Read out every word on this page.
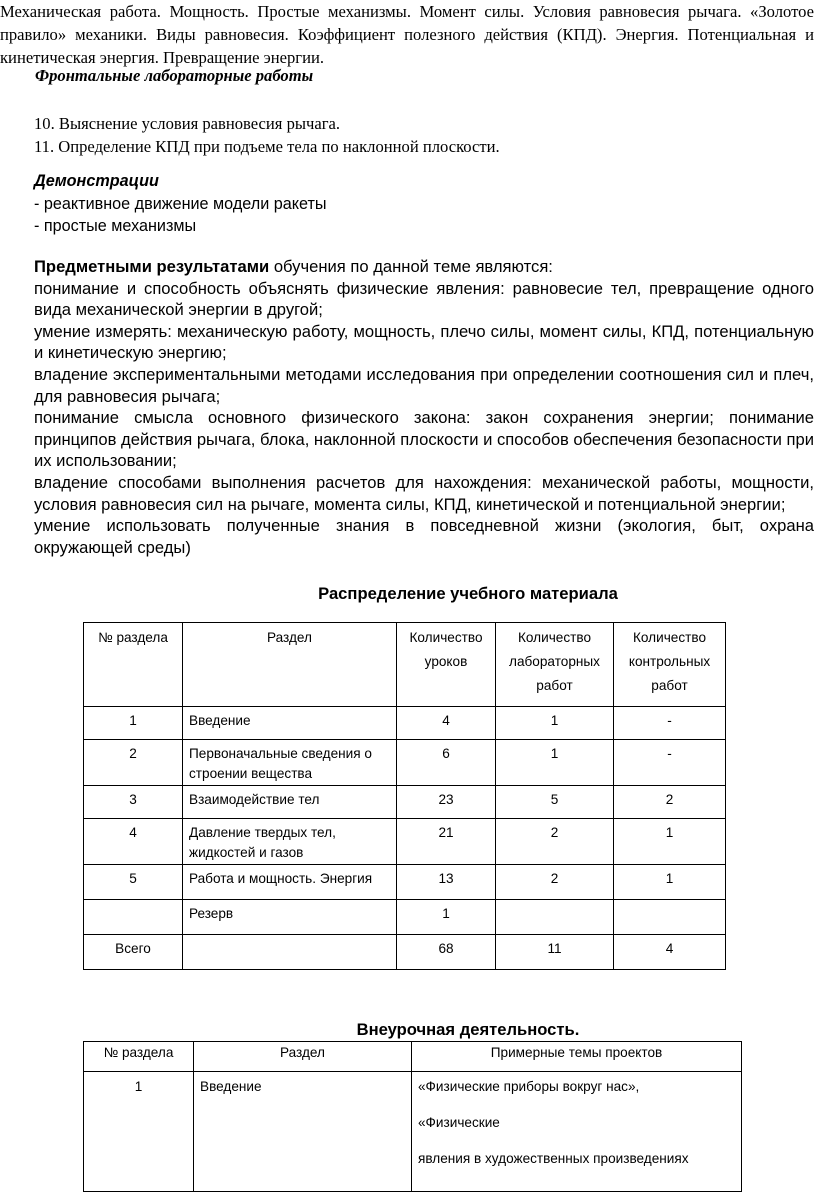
Механическая работа. Мощность. Простые механизмы. Момент силы. Условия равновесия рычага. «Золотое правило» механики. Виды равновесия. Коэффициент полезного действия (КПД). Энергия. Потенциальная и кинетическая энергия. Превращение энергии.

Фронтальные лабораторные работы
10. Выяснение условия равновесия рычага.
11. Определение КПД при подъеме тела по наклонной плоскости.
Демонстрации
- реактивное движение модели ракеты
- простые механизмы

Предметными результатами обучения по данной теме являются:

понимание и способность объяснять физические явления: равновесие тел, превращение одного вида механической энергии в другой;

умение измерять: механическую работу, мощность, плечо силы, момент силы, КПД, потенциальную и кинетическую энергию;

владение экспериментальными методами исследования при определении соотношения сил и плеч, для равновесия рычага;

понимание смысла основного физического закона: закон сохранения энергии; понимание принципов действия рычага, блока, наклонной плоскости и способов обеспечения безопасности при их использовании;

владение способами выполнения расчетов для нахождения: механической работы, мощности, условия равновесия сил на рычаге, момента силы, КПД, кинетической и потенциальной энергии;

умение использовать полученные знания в повседневной жизни (экология, быт, охрана окружающей среды)

Распределение учебного материала
№ раздела	Раздел	Количество уроков	Количество лабораторных работ	Количество контрольных работ
1	Введение	4	1	-
2	Первоначальные сведения о строении вещества	6	1	-
3	Взаимодействие тел	23	5	2
4	Давление твердых тел, жидкостей и газов	21	2	1
5	Работа и мощность. Энергия	13	2	1
	Резерв	1		
Всего		68	11	4
Внеурочная деятельность.
№ раздела	Раздел	Примерные темы проектов
1	Введение	«Физические приборы вокруг нас»,
«Физические
явления в художественных произведениях
